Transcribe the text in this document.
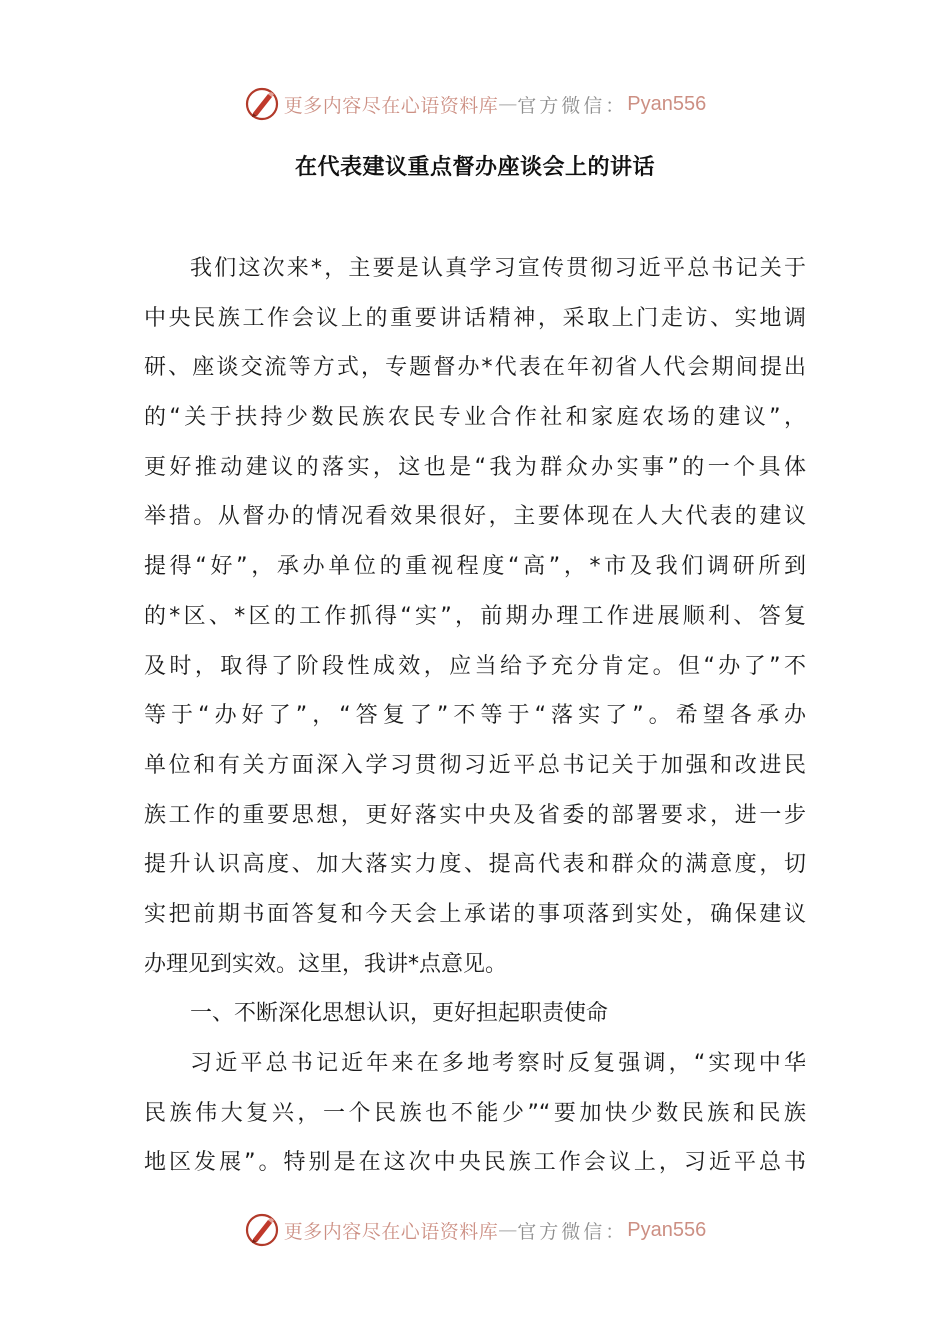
更多内容尽在心语资料库 — 官方微信： Pyan556
在代表建议重点督办座谈会上的讲话
我们这次来*，主要是认真学习宣传贯彻习近平总书记关于
中央民族工作会议上的重要讲话精神，采取上门走访、实地调
研、座谈交流等方式，专题督办*代表在年初省人代会期间提出
的“关于扶持少数民族农民专业合作社和家庭农场的建议”，
更好推动建议的落实，这也是“我为群众办实事”的一个具体
举措。从督办的情况看效果很好，主要体现在人大代表的建议
提得“好”，承办单位的重视程度“高”，*市及我们调研所到
的*区、*区的工作抓得“实”，前期办理工作进展顺利、答复
及时，取得了阶段性成效，应当给予充分肯定。但“办了”不
等于“办好了”，“答复了”不等于“落实了”。希望各承办
单位和有关方面深入学习贯彻习近平总书记关于加强和改进民
族工作的重要思想，更好落实中央及省委的部署要求，进一步
提升认识高度、加大落实力度、提高代表和群众的满意度，切
实把前期书面答复和今天会上承诺的事项落到实处，确保建议
办理见到实效。这里，我讲*点意见。
一、不断深化思想认识，更好担起职责使命
习近平总书记近年来在多地考察时反复强调，“实现中华
民族伟大复兴，一个民族也不能少”“要加快少数民族和民族
地区发展”。特别是在这次中央民族工作会议上，习近平总书
更多内容尽在心语资料库 — 官方微信： Pyan556
